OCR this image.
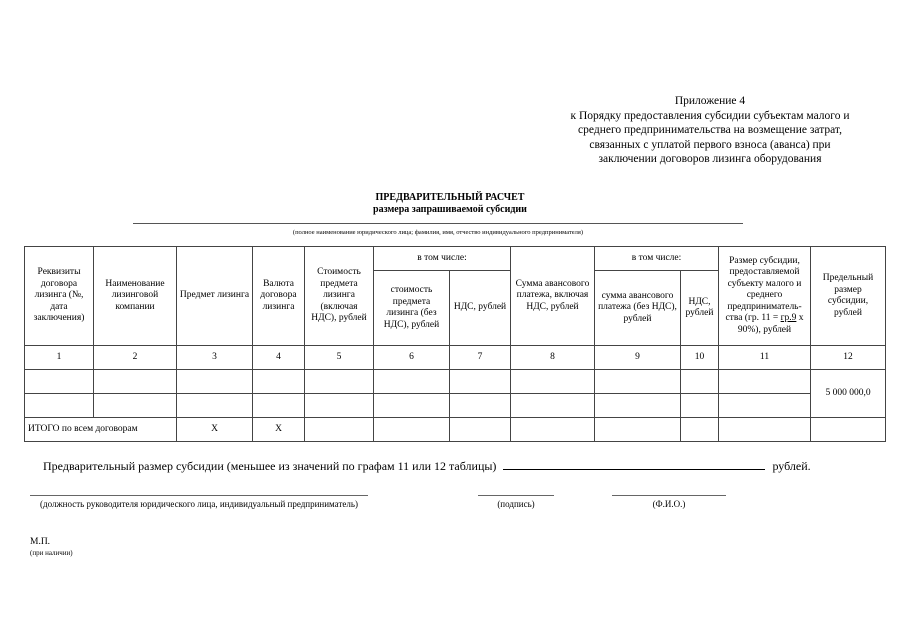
Приложение 4
к Порядку предоставления субсидии субъектам малого и
среднего предпринимательства на возмещение затрат,
связанных с уплатой первого взноса (аванса) при
заключении договоров лизинга оборудования
ПРЕДВАРИТЕЛЬНЫЙ РАСЧЕТ
размера запрашиваемой субсидии
(полное наименование юридического лица; фамилия, имя, отчество индивидуального предпринимателя)
Реквизиты договора лизинга (№, дата заключения)	Наименование лизинговой компании	Предмет лизинга	Валюта договора лизинга	Стоимость предмета лизинга (включая НДС), рублей	в том числе:		Сумма авансового платежа, включая НДС, рублей	в том числе:		Размер субсидии, предоставляемой субъекту малого и среднего предприниматель-ства (гр. 11 = гр.9 х 90%), рублей	Предельный размер субсидии, рублей
					стоимость предмета лизинга (без НДС), рублей	НДС, рублей		сумма авансового платежа (без НДС), рублей	НДС, рублей		
1	2	3	4	5	6	7	8	9	10	11	12
											5 000 000,0

ИТОГО по всем договорам		Х	Х								
Предварительный размер субсидии (меньшее из значений по графам 11 или 12 таблицы)	рублей.
(должность руководителя юридического лица, индивидуальный предприниматель)	(подпись)	(Ф.И.О.)
М.П.
(при наличии)
